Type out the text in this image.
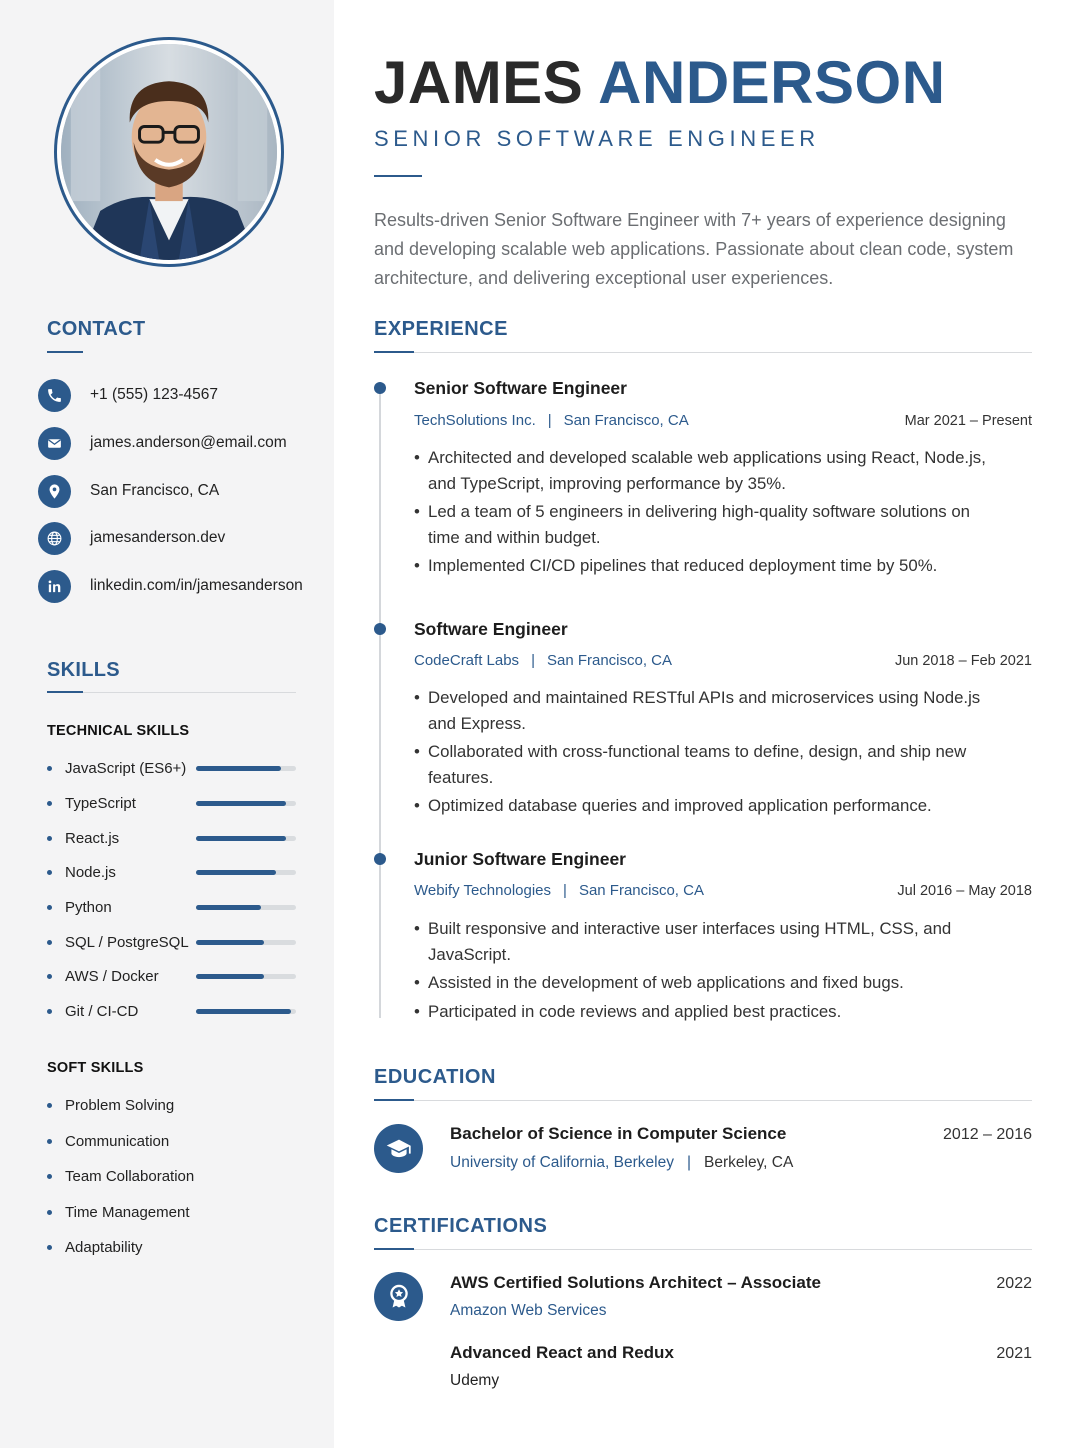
CONTACT
+1 (555) 123-4567
james.anderson@email.com
San Francisco, CA
jamesanderson.dev
linkedin.com/in/jamesanderson
SKILLS
TECHNICAL SKILLS
JavaScript (ES6+)
TypeScript
React.js
Node.js
Python
SQL / PostgreSQL
AWS / Docker
Git / CI-CD
SOFT SKILLS
Problem Solving
Communication
Team Collaboration
Time Management
Adaptability
JAMES ANDERSON
SENIOR SOFTWARE ENGINEER
Results-driven Senior Software Engineer with 7+ years of experience designing and developing scalable web applications. Passionate about clean code, system architecture, and delivering exceptional user experiences.
EXPERIENCE
Senior Software Engineer
TechSolutions Inc. | San Francisco, CA	Mar 2021 – Present
• Architected and developed scalable web applications using React, Node.js, and TypeScript, improving performance by 35%.
• Led a team of 5 engineers in delivering high-quality software solutions on time and within budget.
• Implemented CI/CD pipelines that reduced deployment time by 50%.
Software Engineer
CodeCraft Labs | San Francisco, CA	Jun 2018 – Feb 2021
• Developed and maintained RESTful APIs and microservices using Node.js and Express.
• Collaborated with cross-functional teams to define, design, and ship new features.
• Optimized database queries and improved application performance.
Junior Software Engineer
Webify Technologies | San Francisco, CA	Jul 2016 – May 2018
• Built responsive and interactive user interfaces using HTML, CSS, and JavaScript.
• Assisted in the development of web applications and fixed bugs.
• Participated in code reviews and applied best practices.
EDUCATION
Bachelor of Science in Computer Science
University of California, Berkeley | Berkeley, CA
2012 – 2016
CERTIFICATIONS
AWS Certified Solutions Architect – Associate
Amazon Web Services
2022
Advanced React and Redux
Udemy
2021
